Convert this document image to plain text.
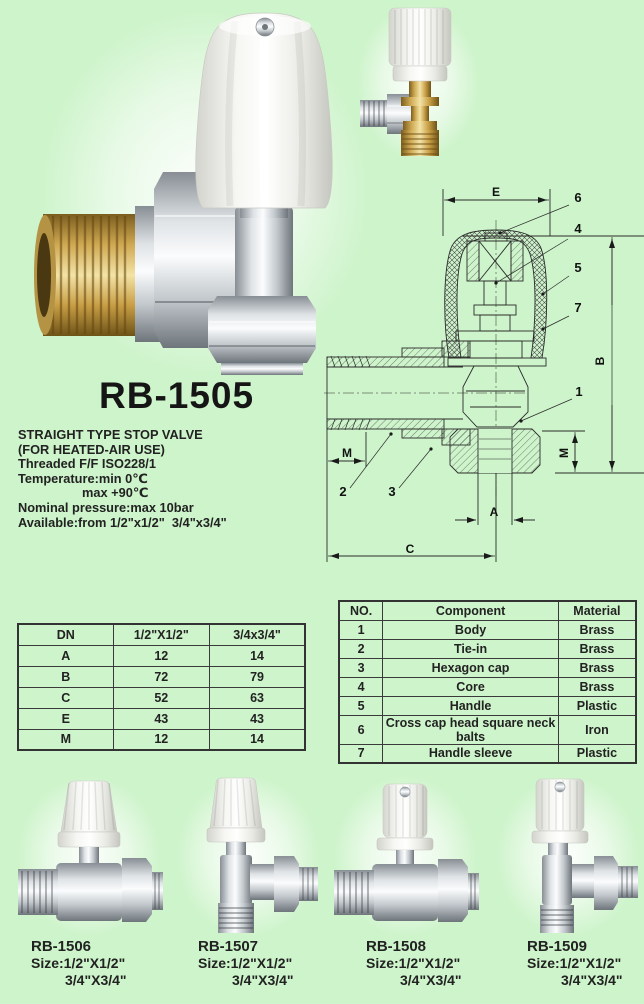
E
B
M	M
A
C
6
4
5
7
1
2	3
RB-1505

STRAIGHT TYPE STOP VALVE

(FOR HEATED-AIR USE)

Threaded F/F ISO228/1

Temperature:min 0℃

max +90℃

Nominal pressure:max 10bar

Available:from 1/2"x1/2"  3/4"x3/4"

DN	1/2"X1/2"	3/4x3/4"
A	12	14
B	72	79
C	52	63
E	43	43
M	12	14
NO.	Component	Material
1	Body	Brass
2	Tie-in	Brass
3	Hexagon cap	Brass
4	Core	Brass
5	Handle	Plastic
6	Cross cap head square neck balts	Iron
7	Handle sleeve	Plastic

RB-1506

Size:1/2"X1/2"

3/4"X3/4"

RB-1507

Size:1/2"X1/2"

3/4"X3/4"

RB-1508

Size:1/2"X1/2"

3/4"X3/4"

RB-1509

Size:1/2"X1/2"

3/4"X3/4"
